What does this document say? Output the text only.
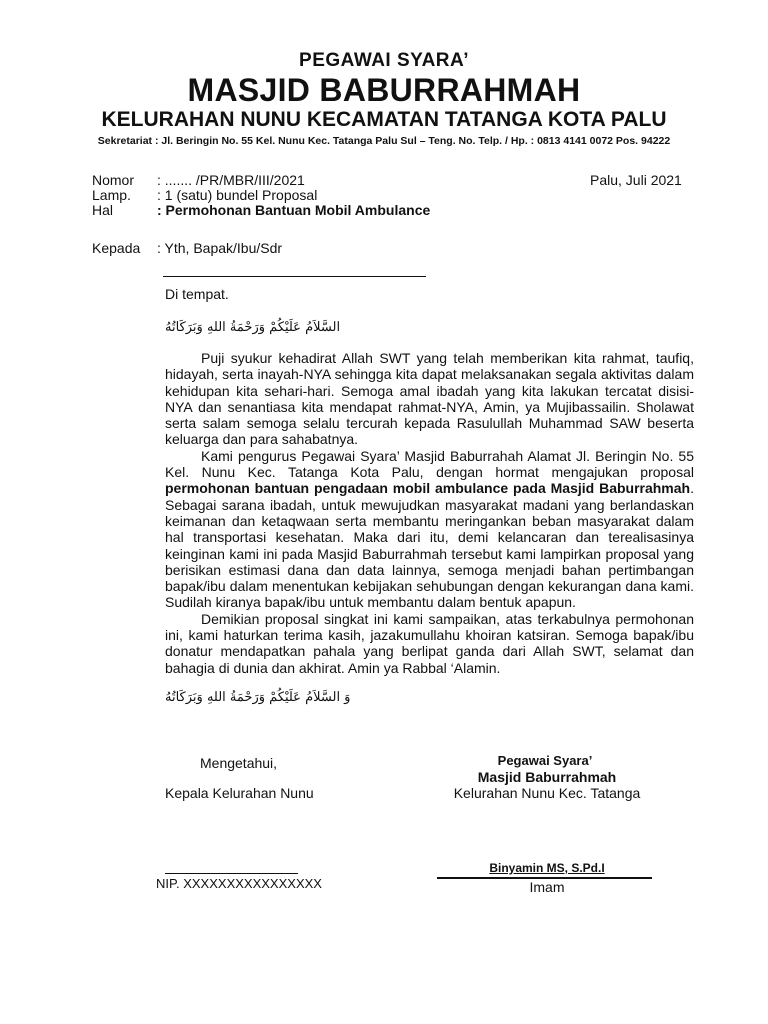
PEGAWAI SYARA’
MASJID BABURRAHMAH
KELURAHAN NUNU KECAMATAN TATANGA KOTA PALU
Sekretariat : Jl. Beringin No. 55 Kel. Nunu Kec. Tatanga Palu Sul – Teng. No. Telp. / Hp. : 0813 4141 0072 Pos. 94222
Nomor : ....... /PR/MBR/III/2021	Palu, Juli 2021
Lamp. : 1 (satu) bundel Proposal
Hal	: Permohonan Bantuan Mobil Ambulance
Kepada : Yth, Bapak/Ibu/Sdr
Di tempat.
السَّلاَمُ عَلَيْكُمْ وَرَحْمَةُ اللهِ وَبَرَكَاتُهُ

Puji syukur kehadirat Allah SWT yang telah memberikan kita rahmat, taufiq, hidayah, serta inayah-NYA sehingga kita dapat melaksanakan segala aktivitas dalam kehidupan kita sehari-hari. Semoga amal ibadah yang kita lakukan tercatat disisi-NYA dan senantiasa kita mendapat rahmat-NYA, Amin, ya Mujibassailin. Sholawat serta salam semoga selalu tercurah kepada Rasulullah Muhammad SAW beserta keluarga dan para sahabatnya.

Kami pengurus Pegawai Syara’ Masjid Baburrahah Alamat Jl. Beringin No. 55 Kel. Nunu Kec. Tatanga Kota Palu, dengan hormat mengajukan proposal permohonan bantuan pengadaan mobil ambulance pada Masjid Baburrahmah. Sebagai sarana ibadah, untuk mewujudkan masyarakat madani yang berlandaskan keimanan dan ketaqwaan serta membantu meringankan beban masyarakat dalam hal transportasi kesehatan. Maka dari itu, demi kelancaran dan terealisasinya keinginan kami ini pada Masjid Baburrahmah tersebut kami lampirkan proposal yang berisikan estimasi dana dan data lainnya, semoga menjadi bahan pertimbangan bapak/ibu dalam menentukan kebijakan sehubungan dengan kekurangan dana kami. Sudilah kiranya bapak/ibu untuk membantu dalam bentuk apapun.

Demikian proposal singkat ini kami sampaikan, atas terkabulnya permohonan ini, kami haturkan terima kasih, jazakumullahu khoiran katsiran. Semoga bapak/ibu donatur mendapatkan pahala yang berlipat ganda dari Allah SWT, selamat dan bahagia di dunia dan akhirat. Amin ya Rabbal ‘Alamin.

وَ السَّلاَمُ عَلَيْكُمْ وَرَحْمَةُ اللهِ وَبَرَكَاتُهُ
Mengetahui,
Kepala Kelurahan Nunu
NIP. XXXXXXXXXXXXXXXX
Pegawai Syara’
Masjid Baburrahmah
Kelurahan Nunu Kec. Tatanga
Binyamin MS, S.Pd.I
Imam
